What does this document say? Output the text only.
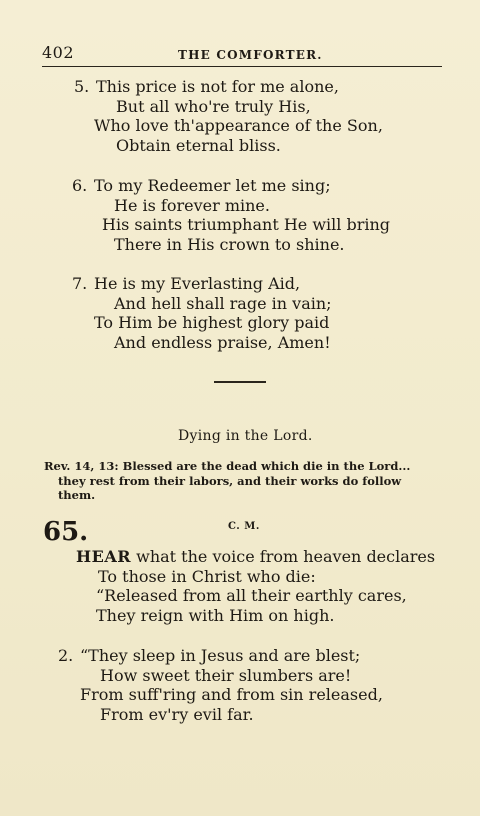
402	THE COMFORTER.
5. This price is not for me alone,
But all who're truly His,
Who love th'appearance of the Son,
Obtain eternal bliss.
6. To my Redeemer let me sing;
He is forever mine.
His saints triumphant He will bring
There in His crown to shine.
7. He is my Everlasting Aid,
And hell shall rage in vain;
To Him be highest glory paid
And endless praise, Amen!
Dying in the Lord.
Rev. 14, 13: Blessed are the dead which die in the Lord...
they rest from their labors, and their works do follow
them.
65.	C. M.
HEAR what the voice from heaven declares
To those in Christ who die:
“Released from all their earthly cares,
They reign with Him on high.
2. “They sleep in Jesus and are blest;
How sweet their slumbers are!
From suff'ring and from sin released,
From ev'ry evil far.
